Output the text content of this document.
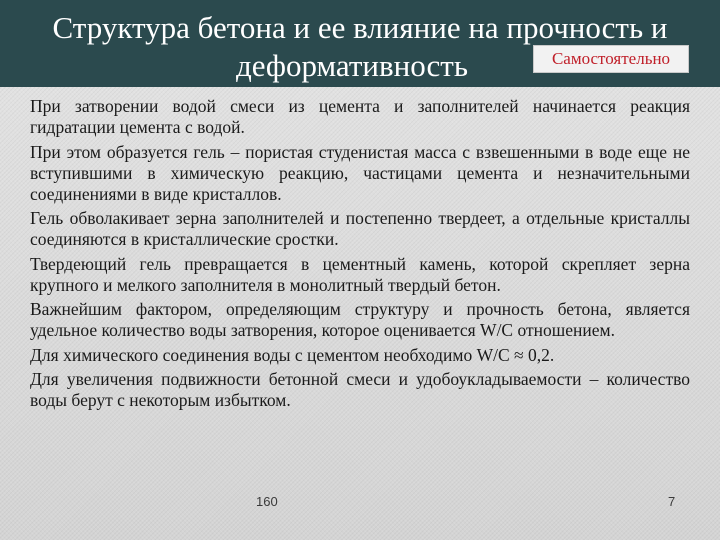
Структура бетона и ее влияние на прочность и
деформативность	Самостоятельно

При затворении водой смеси из цемента и заполнителей начинается реакция гидратации цемента с водой.

При этом образуется гель – пористая студенистая масса с взвешенными в воде еще не вступившими в химическую реакцию, частицами цемента и незначительными соединениями в виде кристаллов.

Гель обволакивает зерна заполнителей и постепенно твердеет, а отдельные кристаллы соединяются в кристаллические сростки.

Твердеющий гель превращается в цементный камень, которой скрепляет зерна крупного и мелкого заполнителя в монолитный твердый бетон.

Важнейшим фактором, определяющим структуру и прочность бетона, является удельное количество воды затворения, которое оценивается W/C отношением.

Для химического соединения воды с цементом необходимо W/C ≈ 0,2.

Для увеличения подвижности бетонной смеси и удобоукладываемости – количество воды берут с некоторым избытком.

160	7
